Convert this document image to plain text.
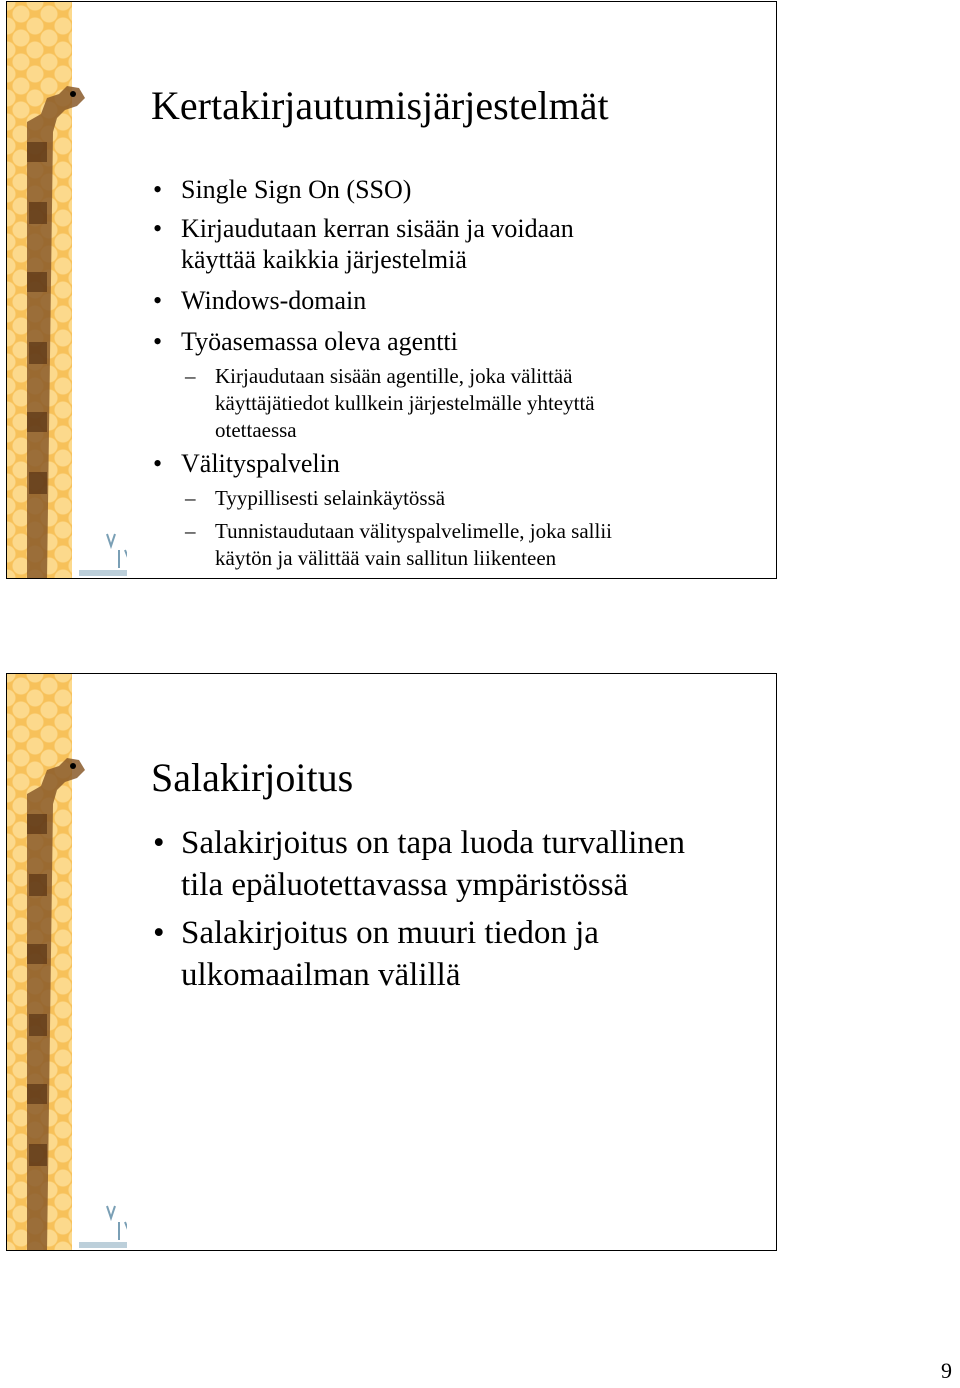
Kertakirjautumisjärjestelmät
• Single Sign On (SSO)
• Kirjaudutaan kerran sisään ja voidaan
käyttää kaikkia järjestelmiä
• Windows-domain
• Työasemassa oleva agentti
– Kirjaudutaan sisään agentille, joka välittää
käyttäjätiedot kullkein järjestelmälle yhteyttä
otettaessa
• Välityspalvelin
– Tyypillisesti selainkäytössä
– Tunnistaudutaan välityspalvelimelle, joka sallii
käytön ja välittää vain sallitun liikenteen
Salakirjoitus
• Salakirjoitus on tapa luoda turvallinen
tila epäluotettavassa ympäristössä
• Salakirjoitus on muuri tiedon ja
ulkomaailman välillä
9
